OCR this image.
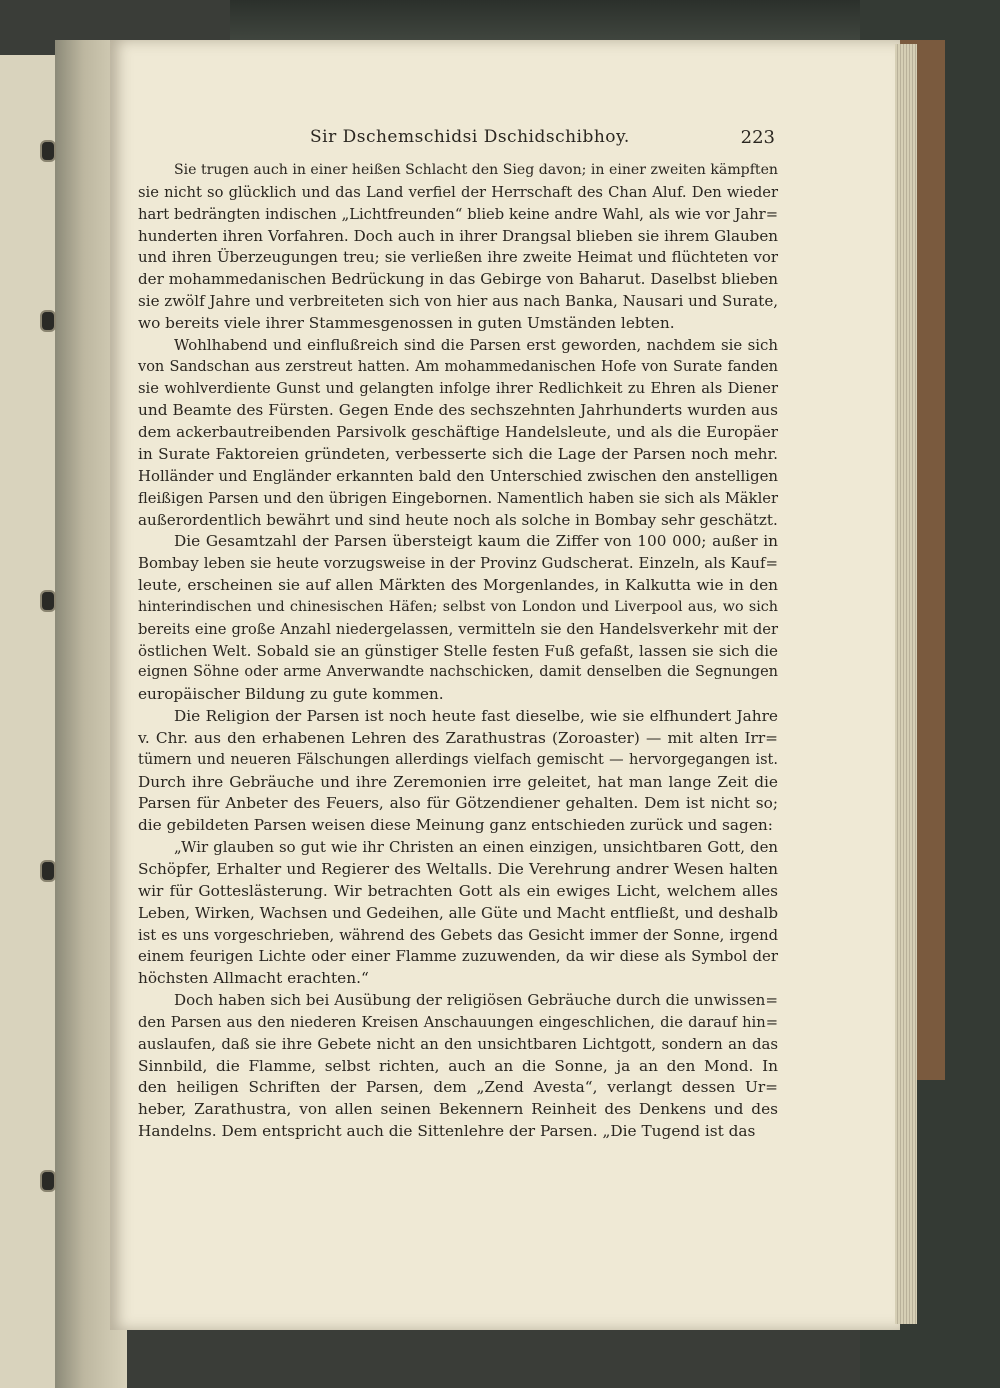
Sir Dschemschidsi Dschidschibhoy.	223

Sie trugen auch in einer heißen Schlacht den Sieg davon; in einer zweiten kämpften
sie nicht so glücklich und das Land verfiel der Herrschaft des Chan Aluf. Den wieder
hart bedrängten indischen „Lichtfreunden“ blieb keine andre Wahl, als wie vor Jahr=
hunderten ihren Vorfahren. Doch auch in ihrer Drangsal blieben sie ihrem Glauben
und ihren Überzeugungen treu; sie verließen ihre zweite Heimat und flüchteten vor
der mohammedanischen Bedrückung in das Gebirge von Baharut. Daselbst blieben
sie zwölf Jahre und verbreiteten sich von hier aus nach Banka, Nausari und Surate,
wo bereits viele ihrer Stammesgenossen in guten Umständen lebten.

Wohlhabend und einflußreich sind die Parsen erst geworden, nachdem sie sich
von Sandschan aus zerstreut hatten. Am mohammedanischen Hofe von Surate fanden
sie wohlverdiente Gunst und gelangten infolge ihrer Redlichkeit zu Ehren als Diener
und Beamte des Fürsten. Gegen Ende des sechszehnten Jahrhunderts wurden aus
dem ackerbautreibenden Parsivolk geschäftige Handelsleute, und als die Europäer
in Surate Faktoreien gründeten, verbesserte sich die Lage der Parsen noch mehr.
Holländer und Engländer erkannten bald den Unterschied zwischen den anstelligen
fleißigen Parsen und den übrigen Eingebornen. Namentlich haben sie sich als Mäkler
außerordentlich bewährt und sind heute noch als solche in Bombay sehr geschätzt.

Die Gesamtzahl der Parsen übersteigt kaum die Ziffer von 100 000; außer in
Bombay leben sie heute vorzugsweise in der Provinz Gudscherat. Einzeln, als Kauf=
leute, erscheinen sie auf allen Märkten des Morgenlandes, in Kalkutta wie in den
hinterindischen und chinesischen Häfen; selbst von London und Liverpool aus, wo sich
bereits eine große Anzahl niedergelassen, vermitteln sie den Handelsverkehr mit der
östlichen Welt. Sobald sie an günstiger Stelle festen Fuß gefaßt, lassen sie sich die
eignen Söhne oder arme Anverwandte nachschicken, damit denselben die Segnungen
europäischer Bildung zu gute kommen.

Die Religion der Parsen ist noch heute fast dieselbe, wie sie elfhundert Jahre
v. Chr. aus den erhabenen Lehren des Zarathustras (Zoroaster) — mit alten Irr=
tümern und neueren Fälschungen allerdings vielfach gemischt — hervorgegangen ist.
Durch ihre Gebräuche und ihre Zeremonien irre geleitet, hat man lange Zeit die
Parsen für Anbeter des Feuers, also für Götzendiener gehalten. Dem ist nicht so;
die gebildeten Parsen weisen diese Meinung ganz entschieden zurück und sagen:

„Wir glauben so gut wie ihr Christen an einen einzigen, unsichtbaren Gott, den
Schöpfer, Erhalter und Regierer des Weltalls. Die Verehrung andrer Wesen halten
wir für Gotteslästerung. Wir betrachten Gott als ein ewiges Licht, welchem alles
Leben, Wirken, Wachsen und Gedeihen, alle Güte und Macht entfließt, und deshalb
ist es uns vorgeschrieben, während des Gebets das Gesicht immer der Sonne, irgend
einem feurigen Lichte oder einer Flamme zuzuwenden, da wir diese als Symbol der
höchsten Allmacht erachten.“

Doch haben sich bei Ausübung der religiösen Gebräuche durch die unwissen=
den Parsen aus den niederen Kreisen Anschauungen eingeschlichen, die darauf hin=
auslaufen, daß sie ihre Gebete nicht an den unsichtbaren Lichtgott, sondern an das
Sinnbild, die Flamme, selbst richten, auch an die Sonne, ja an den Mond. In
den heiligen Schriften der Parsen, dem „Zend Avesta“, verlangt dessen Ur=
heber, Zarathustra, von allen seinen Bekennern Reinheit des Denkens und des
Handelns. Dem entspricht auch die Sittenlehre der Parsen. „Die Tugend ist das
